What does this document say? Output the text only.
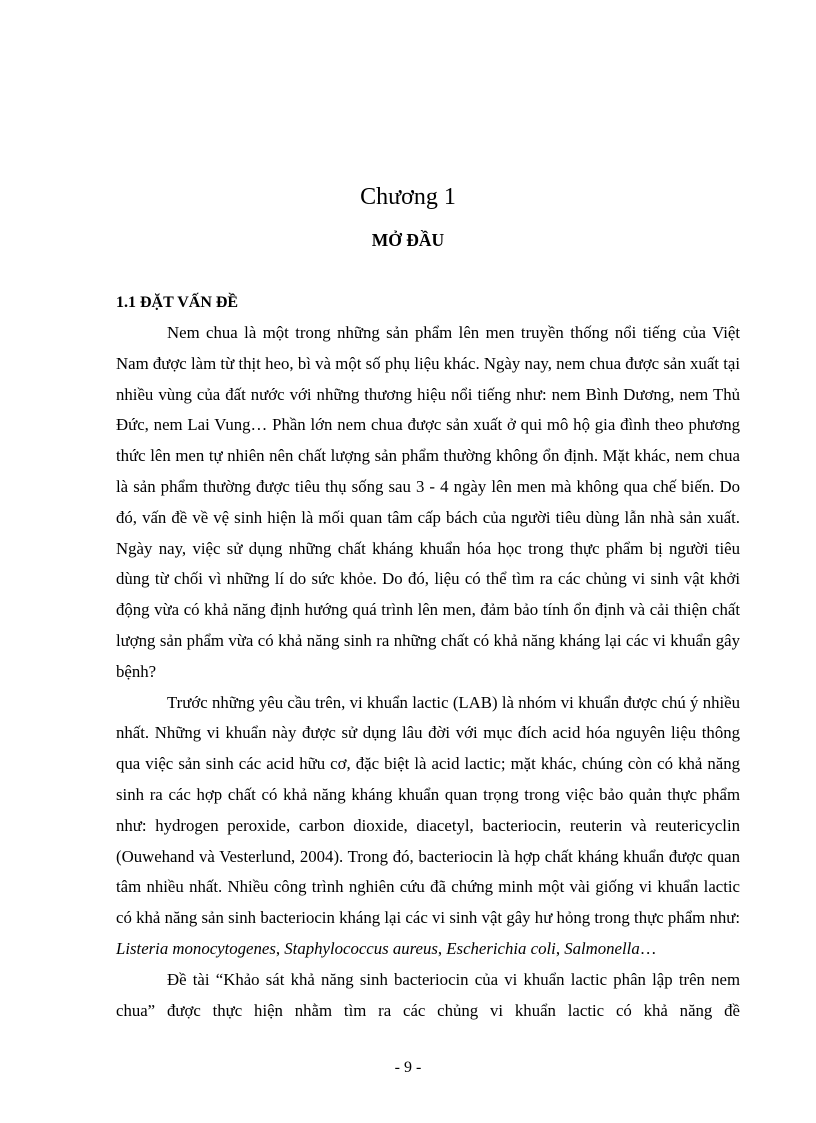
Chương 1
MỞ ĐẦU
1.1 ĐẶT VẤN ĐỀ

Nem chua là một trong những sản phẩm lên men truyền thống nổi tiếng của Việt Nam được làm từ thịt heo, bì và một số phụ liệu khác. Ngày nay, nem chua được sản xuất tại nhiều vùng của đất nước với những thương hiệu nổi tiếng như: nem Bình Dương, nem Thủ Đức, nem Lai Vung… Phần lớn nem chua được sản xuất ở qui mô hộ gia đình theo phương thức lên men tự nhiên nên chất lượng sản phẩm thường không ổn định. Mặt khác, nem chua là sản phẩm thường được tiêu thụ sống sau 3 - 4 ngày lên men mà không qua chế biến. Do đó, vấn đề về vệ sinh hiện là mối quan tâm cấp bách của người tiêu dùng lẫn nhà sản xuất. Ngày nay, việc sử dụng những chất kháng khuẩn hóa học trong thực phẩm bị người tiêu dùng từ chối vì những lí do sức khỏe. Do đó, liệu có thể tìm ra các chủng vi sinh vật khởi động vừa có khả năng định hướng quá trình lên men, đảm bảo tính ổn định và cải thiện chất lượng sản phẩm vừa có khả năng sinh ra những chất có khả năng kháng lại các vi khuẩn gây bệnh?

Trước những yêu cầu trên, vi khuẩn lactic (LAB) là nhóm vi khuẩn được chú ý nhiều nhất. Những vi khuẩn này được sử dụng lâu đời với mục đích acid hóa nguyên liệu thông qua việc sản sinh các acid hữu cơ, đặc biệt là acid lactic; mặt khác, chúng còn có khả năng sinh ra các hợp chất có khả năng kháng khuẩn quan trọng trong việc bảo quản thực phẩm như: hydrogen peroxide, carbon dioxide, diacetyl, bacteriocin, reuterin và reutericyclin (Ouwehand và Vesterlund, 2004). Trong đó, bacteriocin là hợp chất kháng khuẩn được quan tâm nhiều nhất. Nhiều công trình nghiên cứu đã chứng minh một vài giống vi khuẩn lactic có khả năng sản sinh bacteriocin kháng lại các vi sinh vật gây hư hỏng trong thực phẩm như: Listeria monocytogenes, Staphylococcus aureus, Escherichia coli, Salmonella…

Đề tài “Khảo sát khả năng sinh bacteriocin của vi khuẩn lactic phân lập trên nem chua” được thực hiện nhằm tìm ra các chủng vi khuẩn lactic có khả năng đề

- 9 -
